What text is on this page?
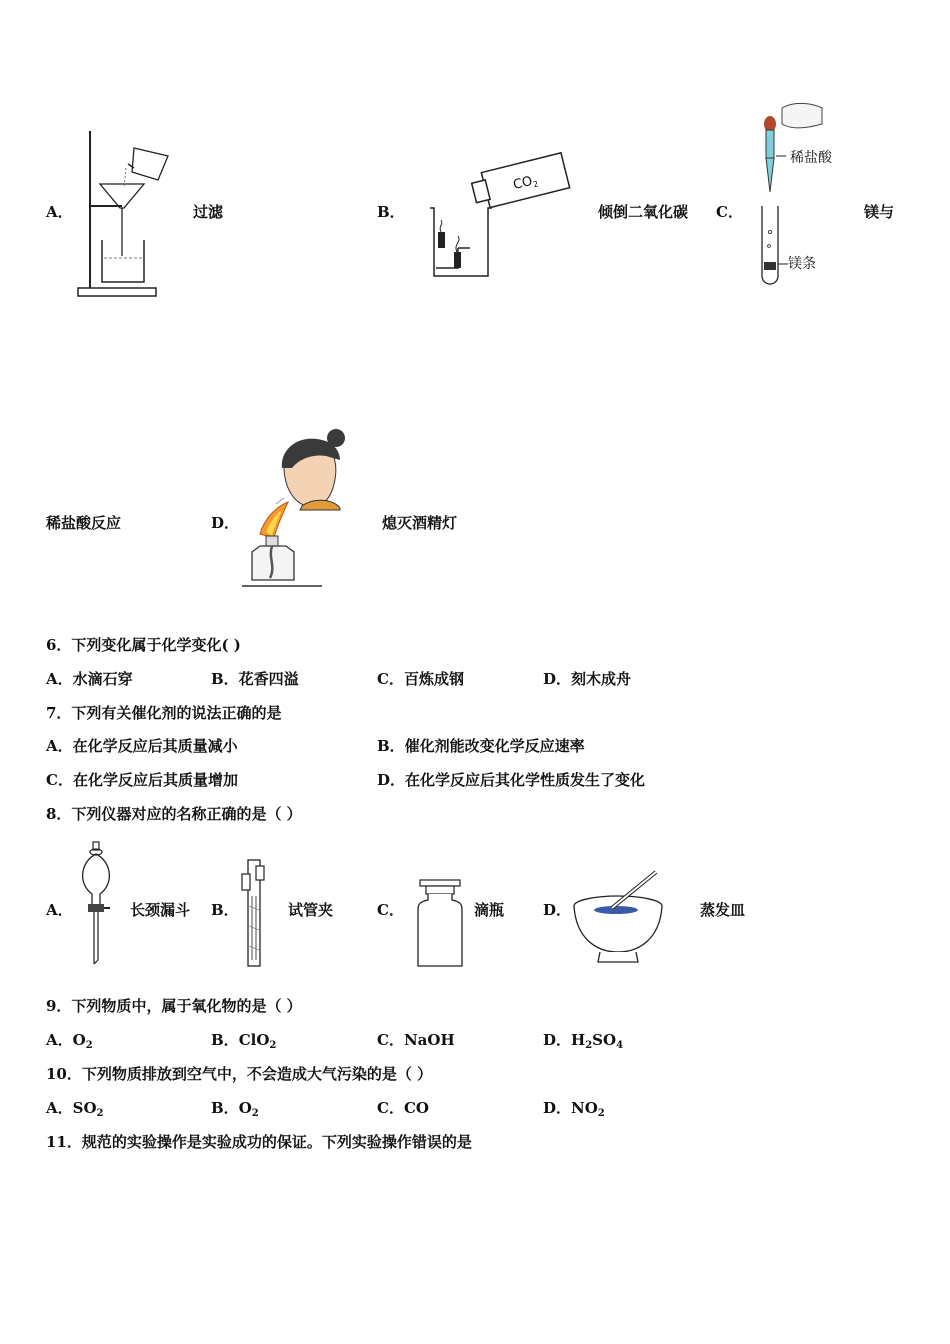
A．	过滤	B．
$CO_2$
倾倒二氧化碳 C．
稀盐酸
镁条
镁与
稀盐酸反应	D．	熄灭酒精灯
6．下列变化属于化学变化( )
A．水滴石穿	B．花香四溢	C．百炼成钢	D．刻木成舟
7．下列有关催化剂的说法正确的是
A．在化学反应后其质量减小	B．催化剂能改变化学反应速率
C．在化学反应后其质量增加	D．在化学反应后其化学性质发生了变化
8．下列仪器对应的名称正确的是（ ）
A．	长颈漏斗 B．	试管夹	C．	滴瓶	D．	蒸发皿
9．下列物质中，属于氧化物的是（ ）
A．$O_2$	B．ClO$_2$	C．NaOH	D．$H_2SO_4$
10．下列物质排放到空气中，不会造成大气污染的是（ ）
A．$SO_2$	B．$O_2$	C．CO	D．$NO_2$
11．规范的实验操作是实验成功的保证。下列实验操作错误的是
